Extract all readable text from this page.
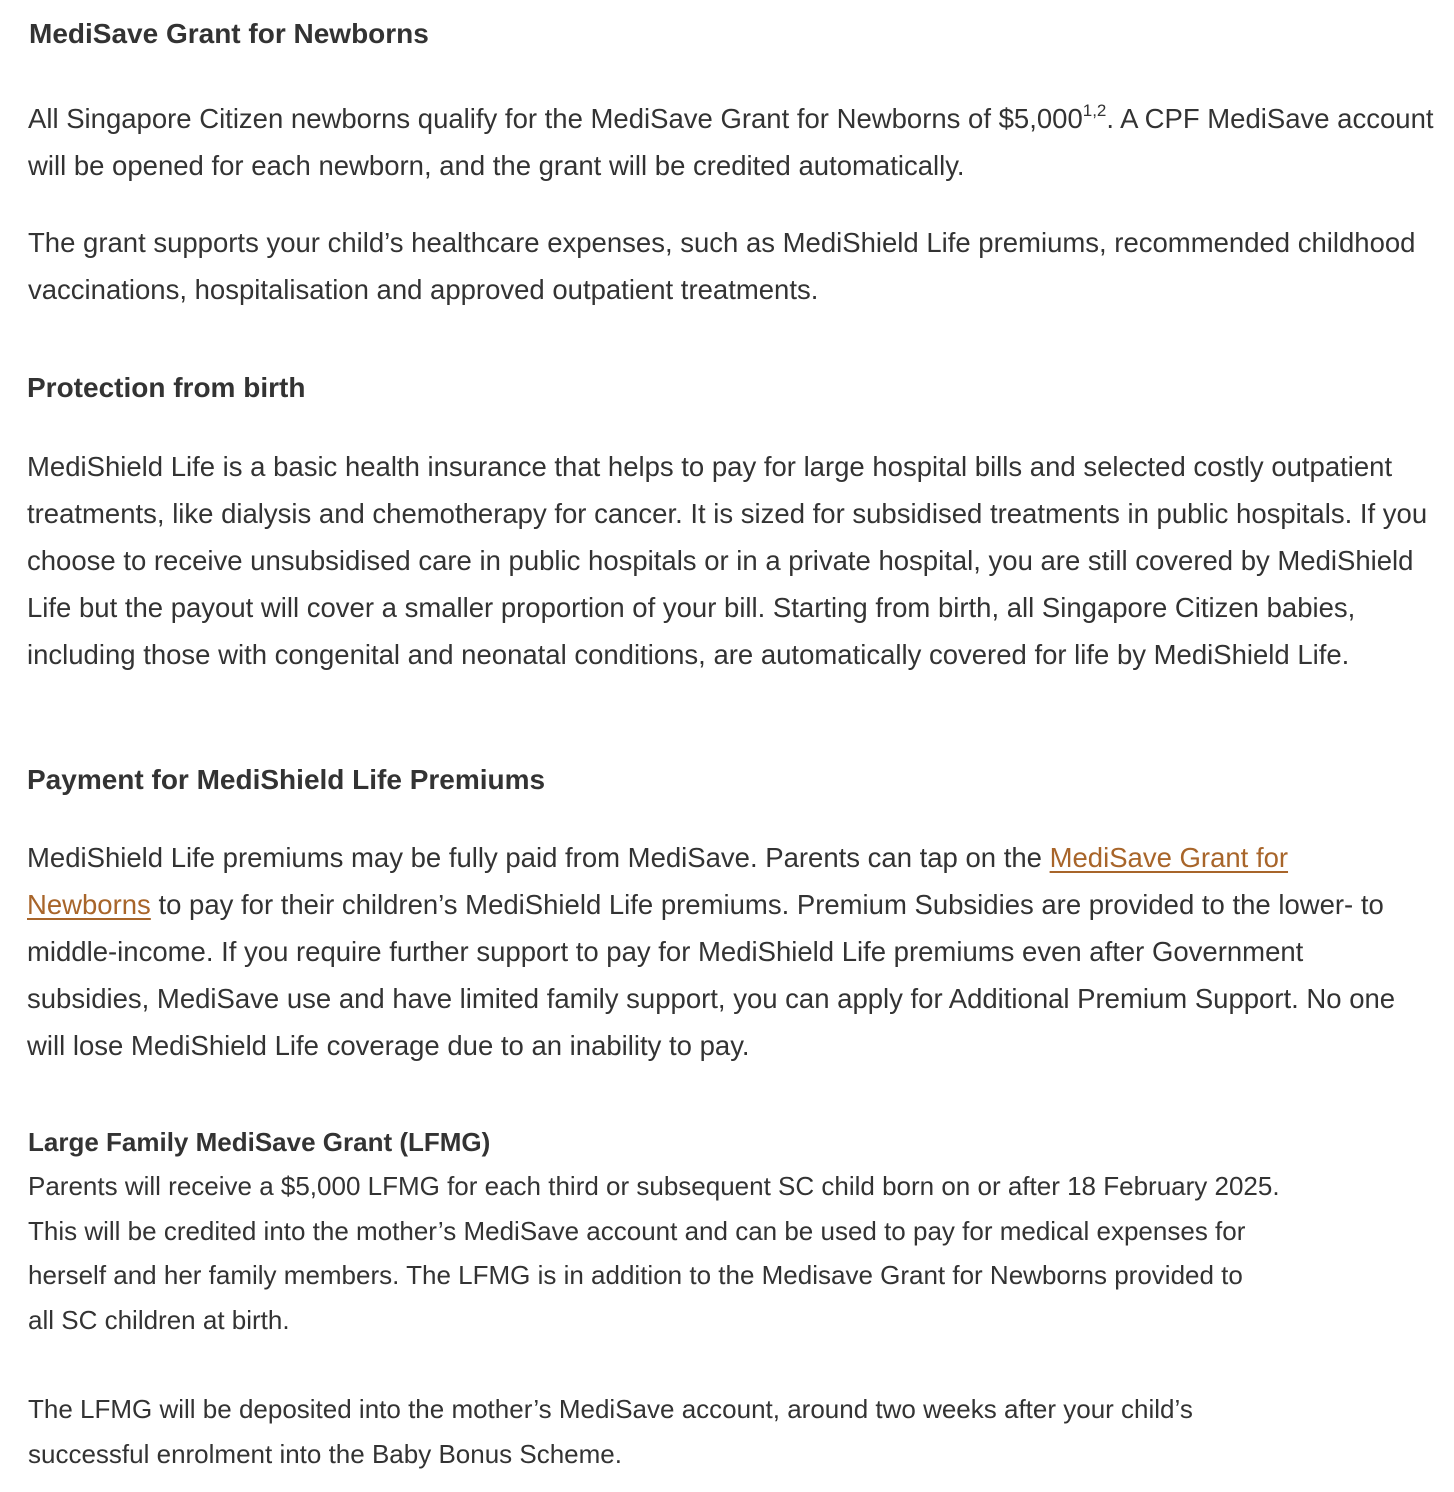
MediSave Grant for Newborns

All Singapore Citizen newborns qualify for the MediSave Grant for Newborns of $5,000$^{1,2}$. A CPF MediSave account will be opened for each newborn, and the grant will be credited automatically.

The grant supports your child’s healthcare expenses, such as MediShield Life premiums, recommended childhood vaccinations, hospitalisation and approved outpatient treatments.

Protection from birth

MediShield Life is a basic health insurance that helps to pay for large hospital bills and selected costly outpatient treatments, like dialysis and chemotherapy for cancer. It is sized for subsidised treatments in public hospitals. If you choose to receive unsubsidised care in public hospitals or in a private hospital, you are still covered by MediShield Life but the payout will cover a smaller proportion of your bill. Starting from birth, all Singapore Citizen babies, including those with congenital and neonatal conditions, are automatically covered for life by MediShield Life.

Payment for MediShield Life Premiums

MediShield Life premiums may be fully paid from MediSave. Parents can tap on the MediSave Grant for Newborns to pay for their children’s MediShield Life premiums. Premium Subsidies are provided to the lower- to middle-income. If you require further support to pay for MediShield Life premiums even after Government subsidies, MediSave use and have limited family support, you can apply for Additional Premium Support. No one will lose MediShield Life coverage due to an inability to pay.

Large Family MediSave Grant (LFMG)
Parents will receive a $5,000 LFMG for each third or subsequent SC child born on or after 18 February 2025.
This will be credited into the mother’s MediSave account and can be used to pay for medical expenses for
herself and her family members. The LFMG is in addition to the Medisave Grant for Newborns provided to
all SC children at birth.
The LFMG will be deposited into the mother’s MediSave account, around two weeks after your child’s
successful enrolment into the Baby Bonus Scheme.
